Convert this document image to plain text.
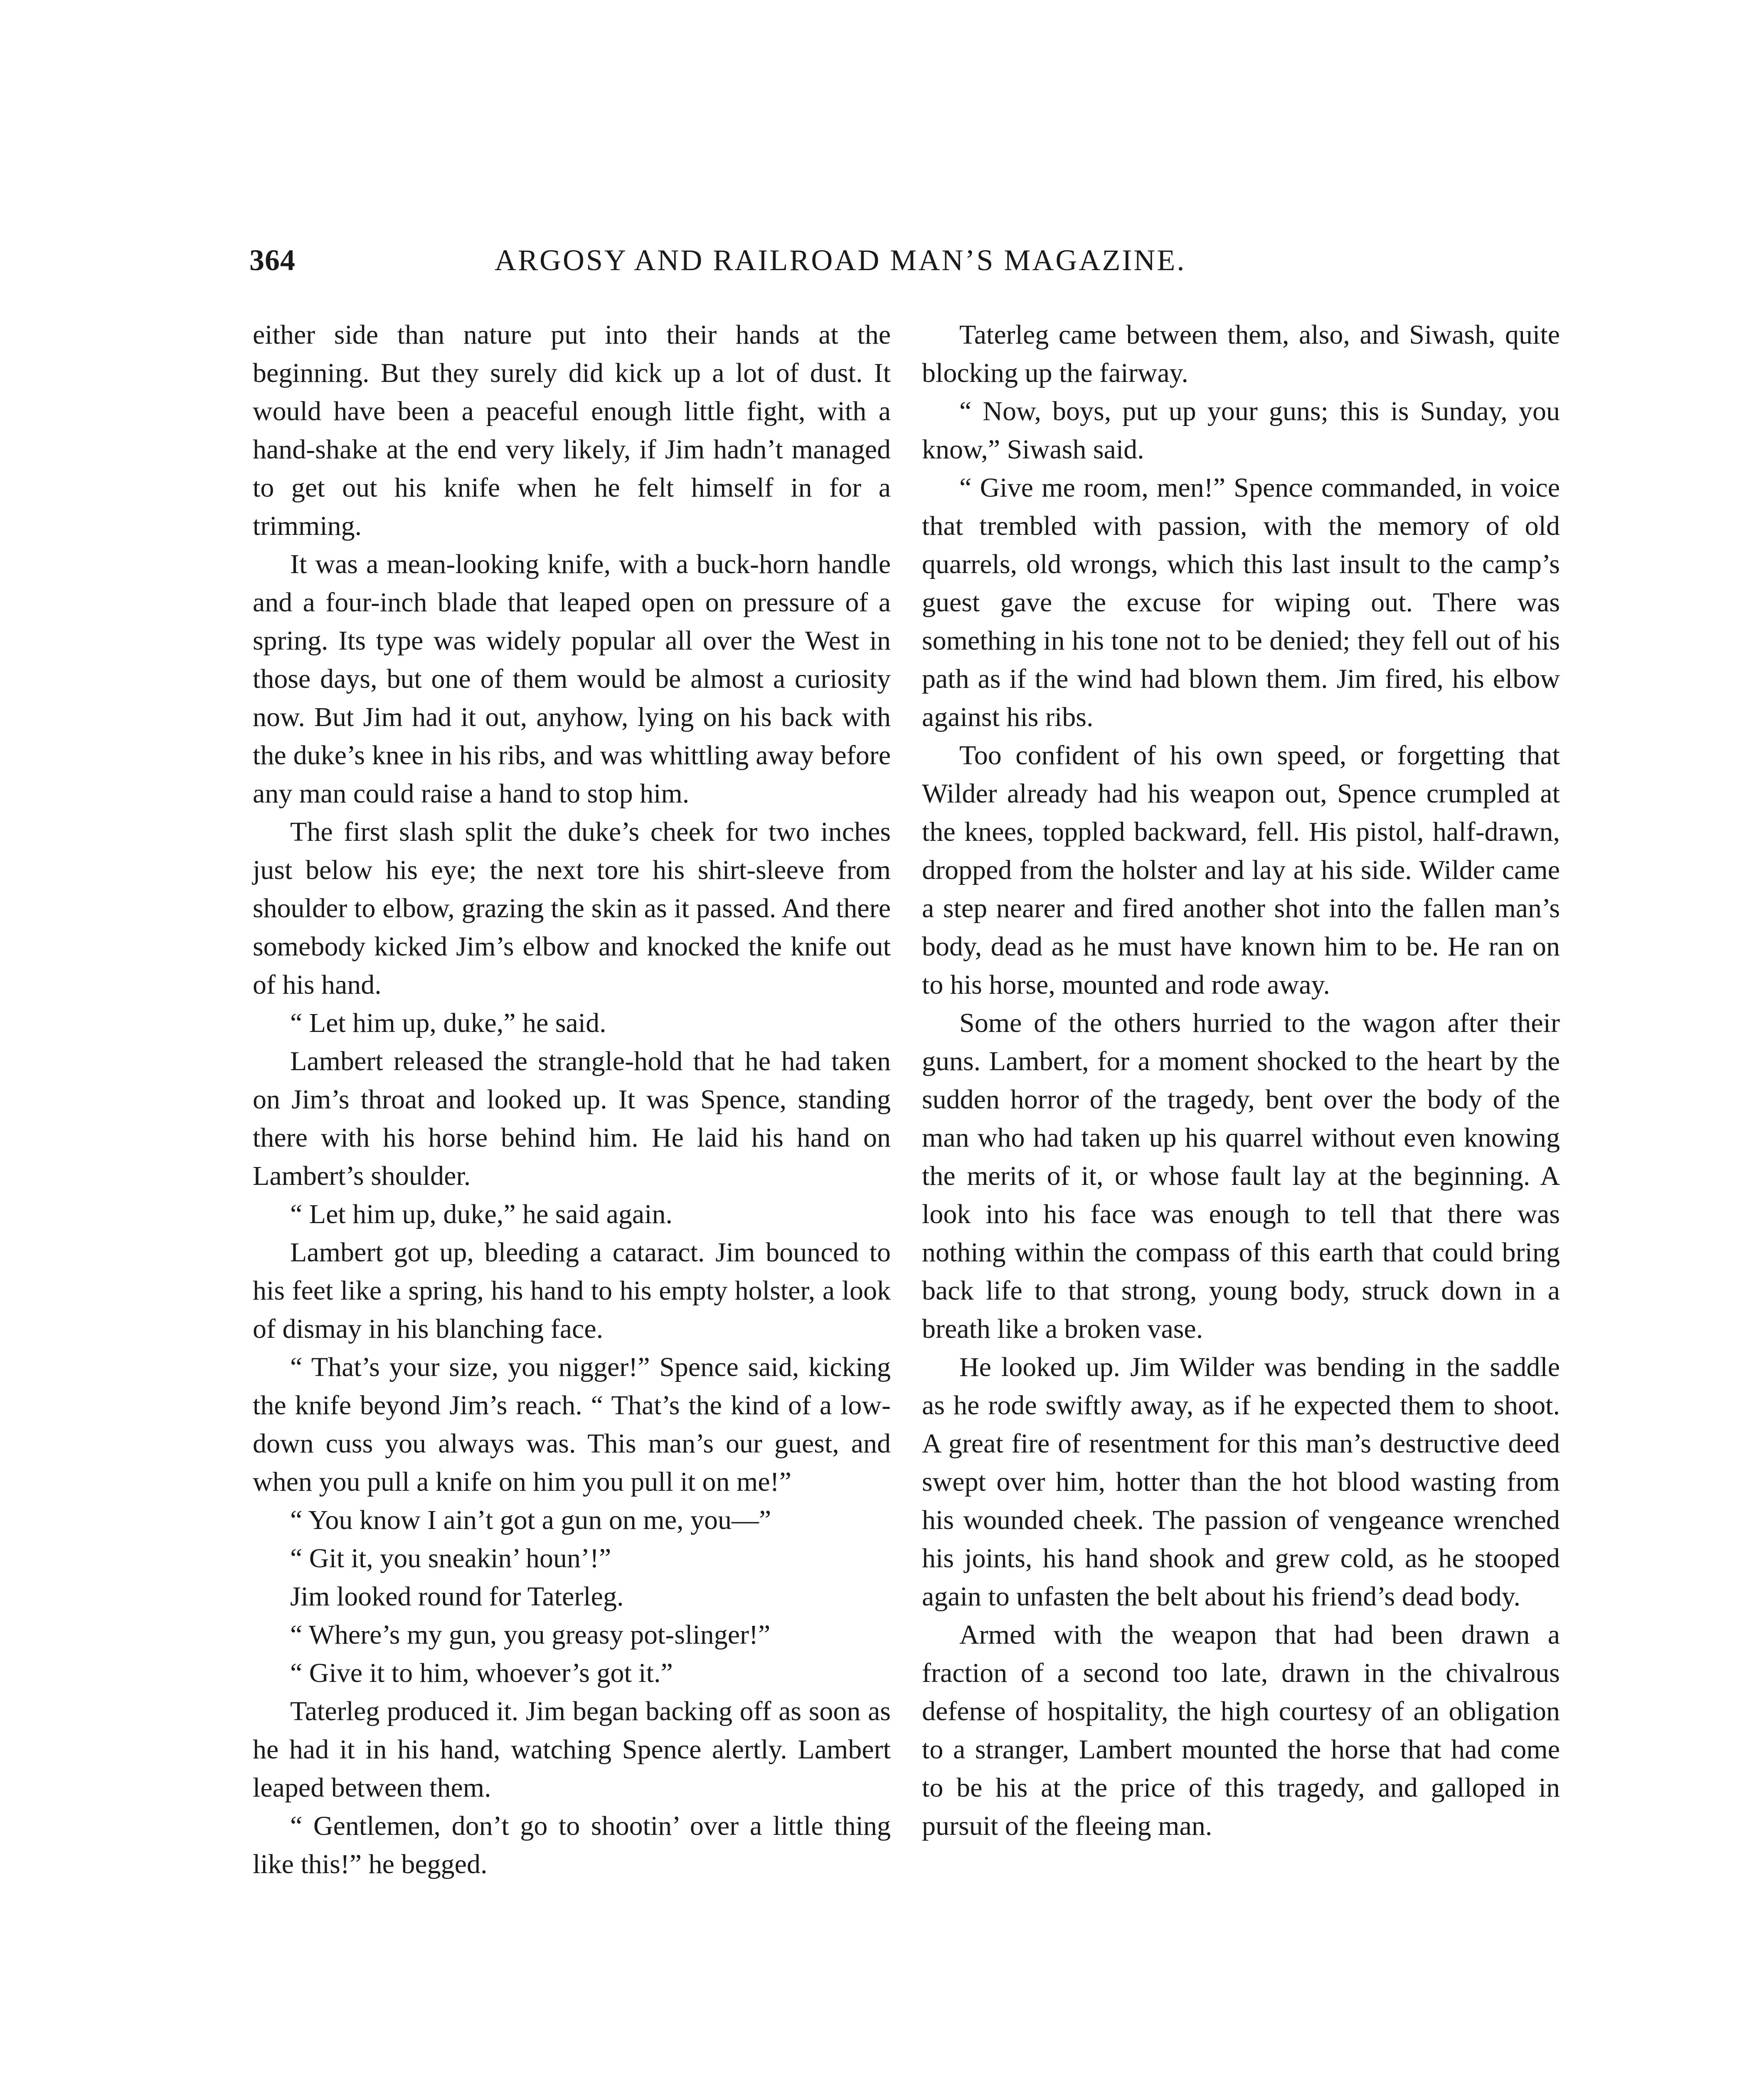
364	ARGOSY AND RAILROAD MAN’S MAGAZINE.

either side than nature put into their hands at the beginning. But they surely did kick up a lot of dust. It would have been a peaceful enough little fight, with a hand-shake at the end very likely, if Jim hadn’t managed to get out his knife when he felt himself in for a trimming.

It was a mean-looking knife, with a buck-horn handle and a four-inch blade that leaped open on pressure of a spring. Its type was widely popular all over the West in those days, but one of them would be almost a curiosity now. But Jim had it out, anyhow, lying on his back with the duke’s knee in his ribs, and was whittling away before any man could raise a hand to stop him.

The first slash split the duke’s cheek for two inches just below his eye; the next tore his shirt-sleeve from shoulder to elbow, grazing the skin as it passed. And there somebody kicked Jim’s elbow and knocked the knife out of his hand.

“ Let him up, duke,” he said.

Lambert released the strangle-hold that he had taken on Jim’s throat and looked up. It was Spence, standing there with his horse behind him. He laid his hand on Lambert’s shoulder.

“ Let him up, duke,” he said again.

Lambert got up, bleeding a cataract. Jim bounced to his feet like a spring, his hand to his empty holster, a look of dismay in his blanching face.

“ That’s your size, you nigger!” Spence said, kicking the knife beyond Jim’s reach. “ That’s the kind of a low-down cuss you always was. This man’s our guest, and when you pull a knife on him you pull it on me!”

“ You know I ain’t got a gun on me, you—”

“ Git it, you sneakin’ houn’!”

Jim looked round for Taterleg.

“ Where’s my gun, you greasy pot-slinger!”

“ Give it to him, whoever’s got it.”

Taterleg produced it. Jim began backing off as soon as he had it in his hand, watching Spence alertly. Lambert leaped between them.

“ Gentlemen, don’t go to shootin’ over a little thing like this!” he begged.

Taterleg came between them, also, and Siwash, quite blocking up the fairway.

“ Now, boys, put up your guns; this is Sunday, you know,” Siwash said.

“ Give me room, men!” Spence commanded, in voice that trembled with passion, with the memory of old quarrels, old wrongs, which this last insult to the camp’s guest gave the excuse for wiping out. There was something in his tone not to be denied; they fell out of his path as if the wind had blown them. Jim fired, his elbow against his ribs.

Too confident of his own speed, or forgetting that Wilder already had his weapon out, Spence crumpled at the knees, toppled backward, fell. His pistol, half-drawn, dropped from the holster and lay at his side. Wilder came a step nearer and fired another shot into the fallen man’s body, dead as he must have known him to be. He ran on to his horse, mounted and rode away.

Some of the others hurried to the wagon after their guns. Lambert, for a moment shocked to the heart by the sudden horror of the tragedy, bent over the body of the man who had taken up his quarrel without even knowing the merits of it, or whose fault lay at the beginning. A look into his face was enough to tell that there was nothing within the compass of this earth that could bring back life to that strong, young body, struck down in a breath like a broken vase.

He looked up. Jim Wilder was bending in the saddle as he rode swiftly away, as if he expected them to shoot. A great fire of resentment for this man’s destructive deed swept over him, hotter than the hot blood wasting from his wounded cheek. The passion of vengeance wrenched his joints, his hand shook and grew cold, as he stooped again to unfasten the belt about his friend’s dead body.

Armed with the weapon that had been drawn a fraction of a second too late, drawn in the chivalrous defense of hospitality, the high courtesy of an obligation to a stranger, Lambert mounted the horse that had come to be his at the price of this tragedy, and galloped in pursuit of the fleeing man.
